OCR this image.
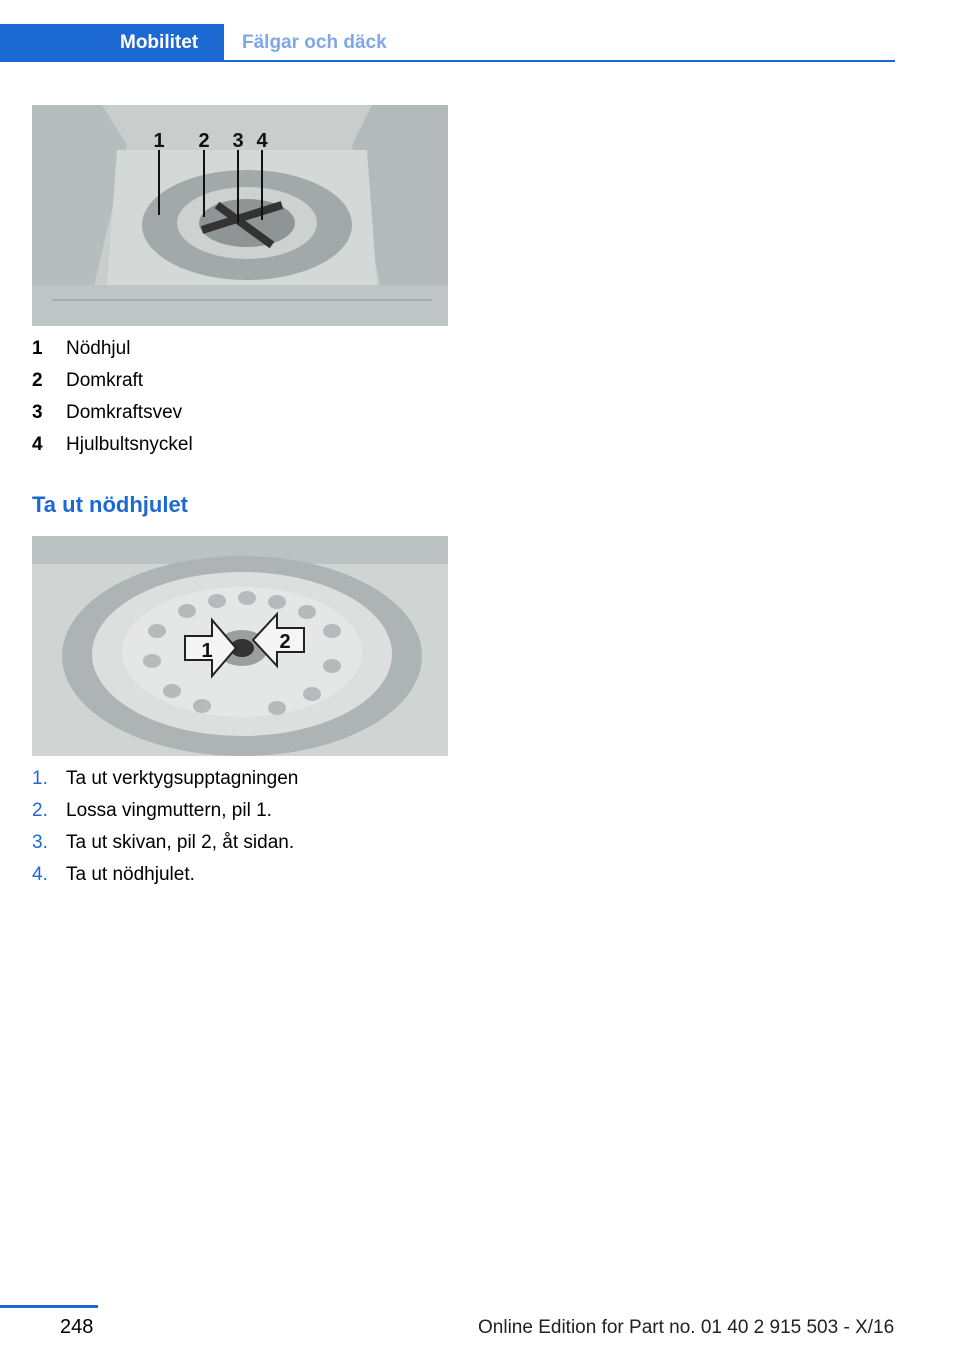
Mobilitet	Fälgar och däck
1 2 3 4
1	Nödhjul
2	Domkraft
3	Domkraftsvev
4	Hjulbultsnyckel
Ta ut nödhjulet
1	2
1. Ta ut verktygsupptagningen
2. Lossa vingmuttern, pil 1.
3. Ta ut skivan, pil 2, åt sidan.
4. Ta ut nödhjulet.
248	Online Edition for Part no. 01 40 2 915 503 - X/16
